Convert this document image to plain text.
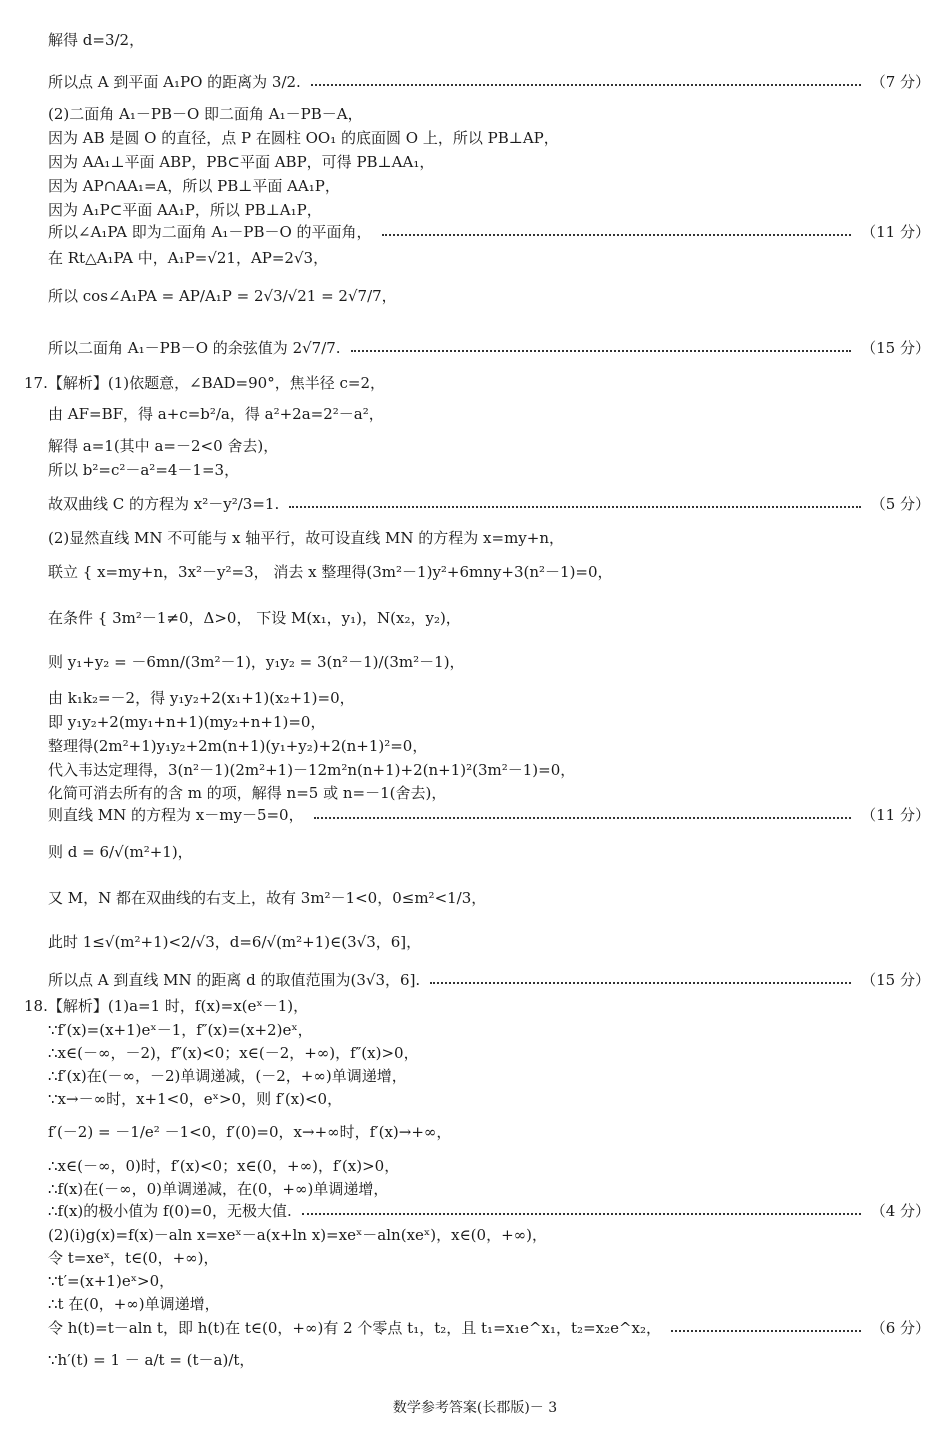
解得 d=3/2，
所以点 A 到平面 A₁PO 的距离为 3/2.	（7 分）
(2)二面角 A₁－PB－O 即二面角 A₁－PB－A，
因为 AB 是圆 O 的直径，点 P 在圆柱 OO₁ 的底面圆 O 上，所以 PB⊥AP，
因为 AA₁⊥平面 ABP，PB⊂平面 ABP，可得 PB⊥AA₁，
因为 AP∩AA₁=A，所以 PB⊥平面 AA₁P，
因为 A₁P⊂平面 AA₁P，所以 PB⊥A₁P，
所以∠A₁PA 即为二面角 A₁－PB－O 的平面角，	（11 分）
在 Rt△A₁PA 中，A₁P=√21，AP=2√3，
所以 cos∠A₁PA = AP/A₁P = 2√3/√21 = 2√7/7，
所以二面角 A₁－PB－O 的余弦值为 2√7/7.	（15 分）
17.【解析】(1)依题意，∠BAD=90°，焦半径 c=2，
由 AF=BF，得 a+c=b²/a，得 a²+2a=2²－a²，
解得 a=1(其中 a=－2<0 舍去)，
所以 b²=c²－a²=4－1=3，
故双曲线 C 的方程为 x²－y²/3=1.	（5 分）
(2)显然直线 MN 不可能与 x 轴平行，故可设直线 MN 的方程为 x=my+n，
联立 { x=my+n，3x²－y²=3， 消去 x 整理得(3m²－1)y²+6mny+3(n²－1)=0，
在条件 { 3m²－1≠0，Δ>0， 下设 M(x₁，y₁)，N(x₂，y₂)，
则 y₁+y₂ = －6mn/(3m²－1)，y₁y₂ = 3(n²－1)/(3m²－1)，
由 k₁k₂=－2，得 y₁y₂+2(x₁+1)(x₂+1)=0，
即 y₁y₂+2(my₁+n+1)(my₂+n+1)=0，
整理得(2m²+1)y₁y₂+2m(n+1)(y₁+y₂)+2(n+1)²=0，
代入韦达定理得，3(n²－1)(2m²+1)－12m²n(n+1)+2(n+1)²(3m²－1)=0，
化简可消去所有的含 m 的项，解得 n=5 或 n=－1(舍去)，
则直线 MN 的方程为 x－my－5=0，	（11 分）
则 d = 6/√(m²+1)，
又 M，N 都在双曲线的右支上，故有 3m²－1<0，0≤m²<1/3，
此时 1≤√(m²+1)<2/√3，d=6/√(m²+1)∈(3√3，6]，
所以点 A 到直线 MN 的距离 d 的取值范围为(3√3，6].	（15 分）
18.【解析】(1)a=1 时，f(x)=x(eˣ－1)，
∵f′(x)=(x+1)eˣ－1，f″(x)=(x+2)eˣ，
∴x∈(－∞，－2)，f″(x)<0；x∈(－2，+∞)，f″(x)>0，
∴f′(x)在(－∞，－2)单调递减，(－2，+∞)单调递增，
∵x→－∞时，x+1<0，eˣ>0，则 f′(x)<0，
f′(－2) = －1/e² －1<0，f′(0)=0，x→+∞时，f′(x)→+∞，
∴x∈(－∞，0)时，f′(x)<0；x∈(0，+∞)，f′(x)>0，
∴f(x)在(－∞，0)单调递减，在(0，+∞)单调递增，
∴f(x)的极小值为 f(0)=0，无极大值.	（4 分）
(2)(i)g(x)=f(x)－aln x=xeˣ－a(x+ln x)=xeˣ－aln(xeˣ)，x∈(0，+∞)，
令 t=xeˣ，t∈(0，+∞)，
∵t′=(x+1)eˣ>0，
∴t 在(0，+∞)单调递增，
令 h(t)=t－aln t，即 h(t)在 t∈(0，+∞)有 2 个零点 t₁，t₂，且 t₁=x₁e^x₁，t₂=x₂e^x₂，	（6 分）
∵h′(t) = 1 － a/t = (t－a)/t，
数学参考答案(长郡版)－ 3
